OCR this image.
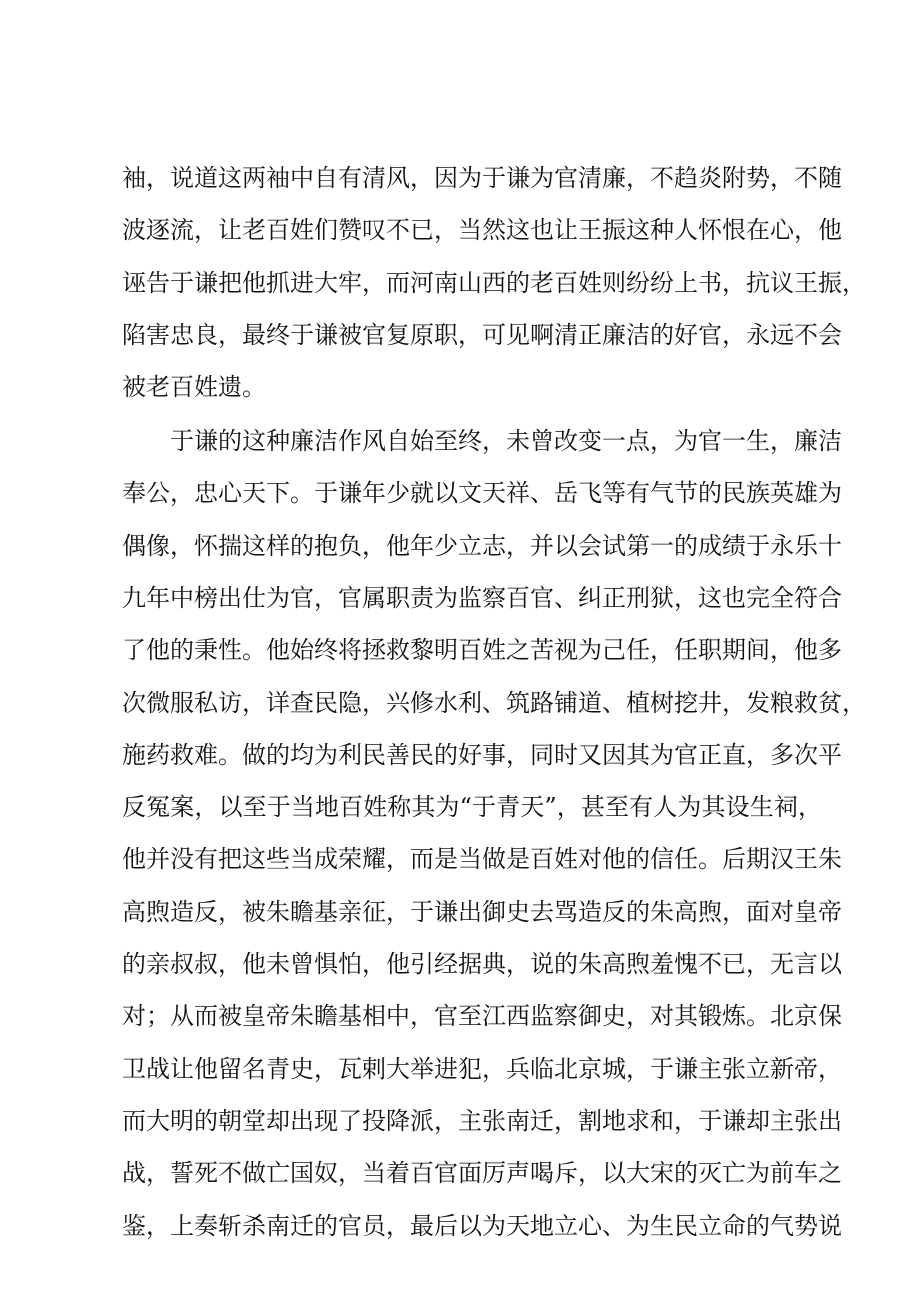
袖，说道这两袖中自有清风，因为于谦为官清廉，不趋炎附势，不随
波逐流，让老百姓们赞叹不已，当然这也让王振这种人怀恨在心，他
诬告于谦把他抓进大牢，而河南山西的老百姓则纷纷上书，抗议王振，
陷害忠良，最终于谦被官复原职，可见啊清正廉洁的好官，永远不会
被老百姓遗。
于谦的这种廉洁作风自始至终，未曾改变一点，为官一生，廉洁
奉公，忠心天下。于谦年少就以文天祥、岳飞等有气节的民族英雄为
偶像，怀揣这样的抱负，他年少立志，并以会试第一的成绩于永乐十
九年中榜出仕为官，官属职责为监察百官、纠正刑狱，这也完全符合
了他的秉性。他始终将拯救黎明百姓之苦视为己任，任职期间，他多
次微服私访，详查民隐，兴修水利、筑路铺道、植树挖井，发粮救贫，
施药救难。做的均为利民善民的好事，同时又因其为官正直，多次平
反冤案，以至于当地百姓称其为“于青天”，甚至有人为其设生祠，
他并没有把这些当成荣耀，而是当做是百姓对他的信任。后期汉王朱
高煦造反，被朱瞻基亲征，于谦出御史去骂造反的朱高煦，面对皇帝
的亲叔叔，他未曾惧怕，他引经据典，说的朱高煦羞愧不已，无言以
对；从而被皇帝朱瞻基相中，官至江西监察御史，对其锻炼。北京保
卫战让他留名青史，瓦剌大举进犯，兵临北京城，于谦主张立新帝，
而大明的朝堂却出现了投降派，主张南迁，割地求和，于谦却主张出
战，誓死不做亡国奴，当着百官面厉声喝斥，以大宋的灭亡为前车之
鉴，上奏斩杀南迁的官员，最后以为天地立心、为生民立命的气势说
